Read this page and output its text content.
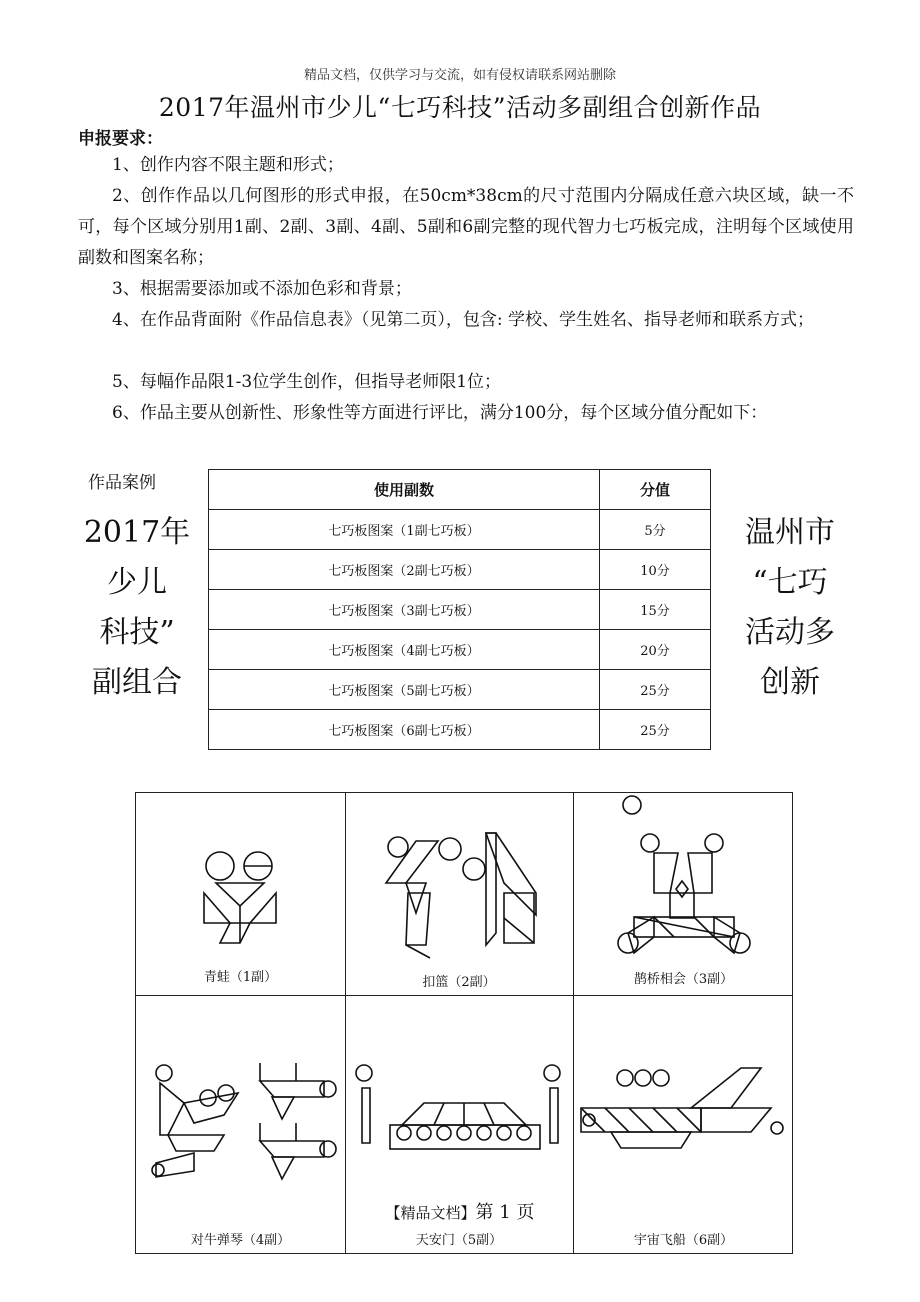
精品文档，仅供学习与交流，如有侵权请联系网站删除
2017年温州市少儿“七巧科技”活动多副组合创新作品
申报要求：
1、创作内容不限主题和形式；
2、创作作品以几何图形的形式申报，在50cm*38cm的尺寸范围内分隔成任意六块区域，缺一不可，每个区域分别用1副、2副、3副、4副、5副和6副完整的现代智力七巧板完成，注明每个区域使用副数和图案名称；
3、根据需要添加或不添加色彩和背景；
4、在作品背面附《作品信息表》（见第二页），包含: 学校、学生姓名、指导老师和联系方式；
5、每幅作品限1-3位学生创作，但指导老师限1位；
6、作品主要从创新性、形象性等方面进行评比，满分100分，每个区域分值分配如下：
作品案例
2017年
少儿
科技”
副组合
温州市
“七巧
活动多
创新
使用副数	分值
七巧板图案（1副七巧板）	5分
七巧板图案（2副七巧板）	10分
七巧板图案（3副七巧板）	15分
七巧板图案（4副七巧板）	20分
七巧板图案（5副七巧板）	25分
七巧板图案（6副七巧板）	25分
青蛙（1副）	扣篮（2副）	鹊桥相会（3副）
对牛弹琴（4副）	天安门（5副）	宇宙飞船（6副）
【精品文档】第 1 页
